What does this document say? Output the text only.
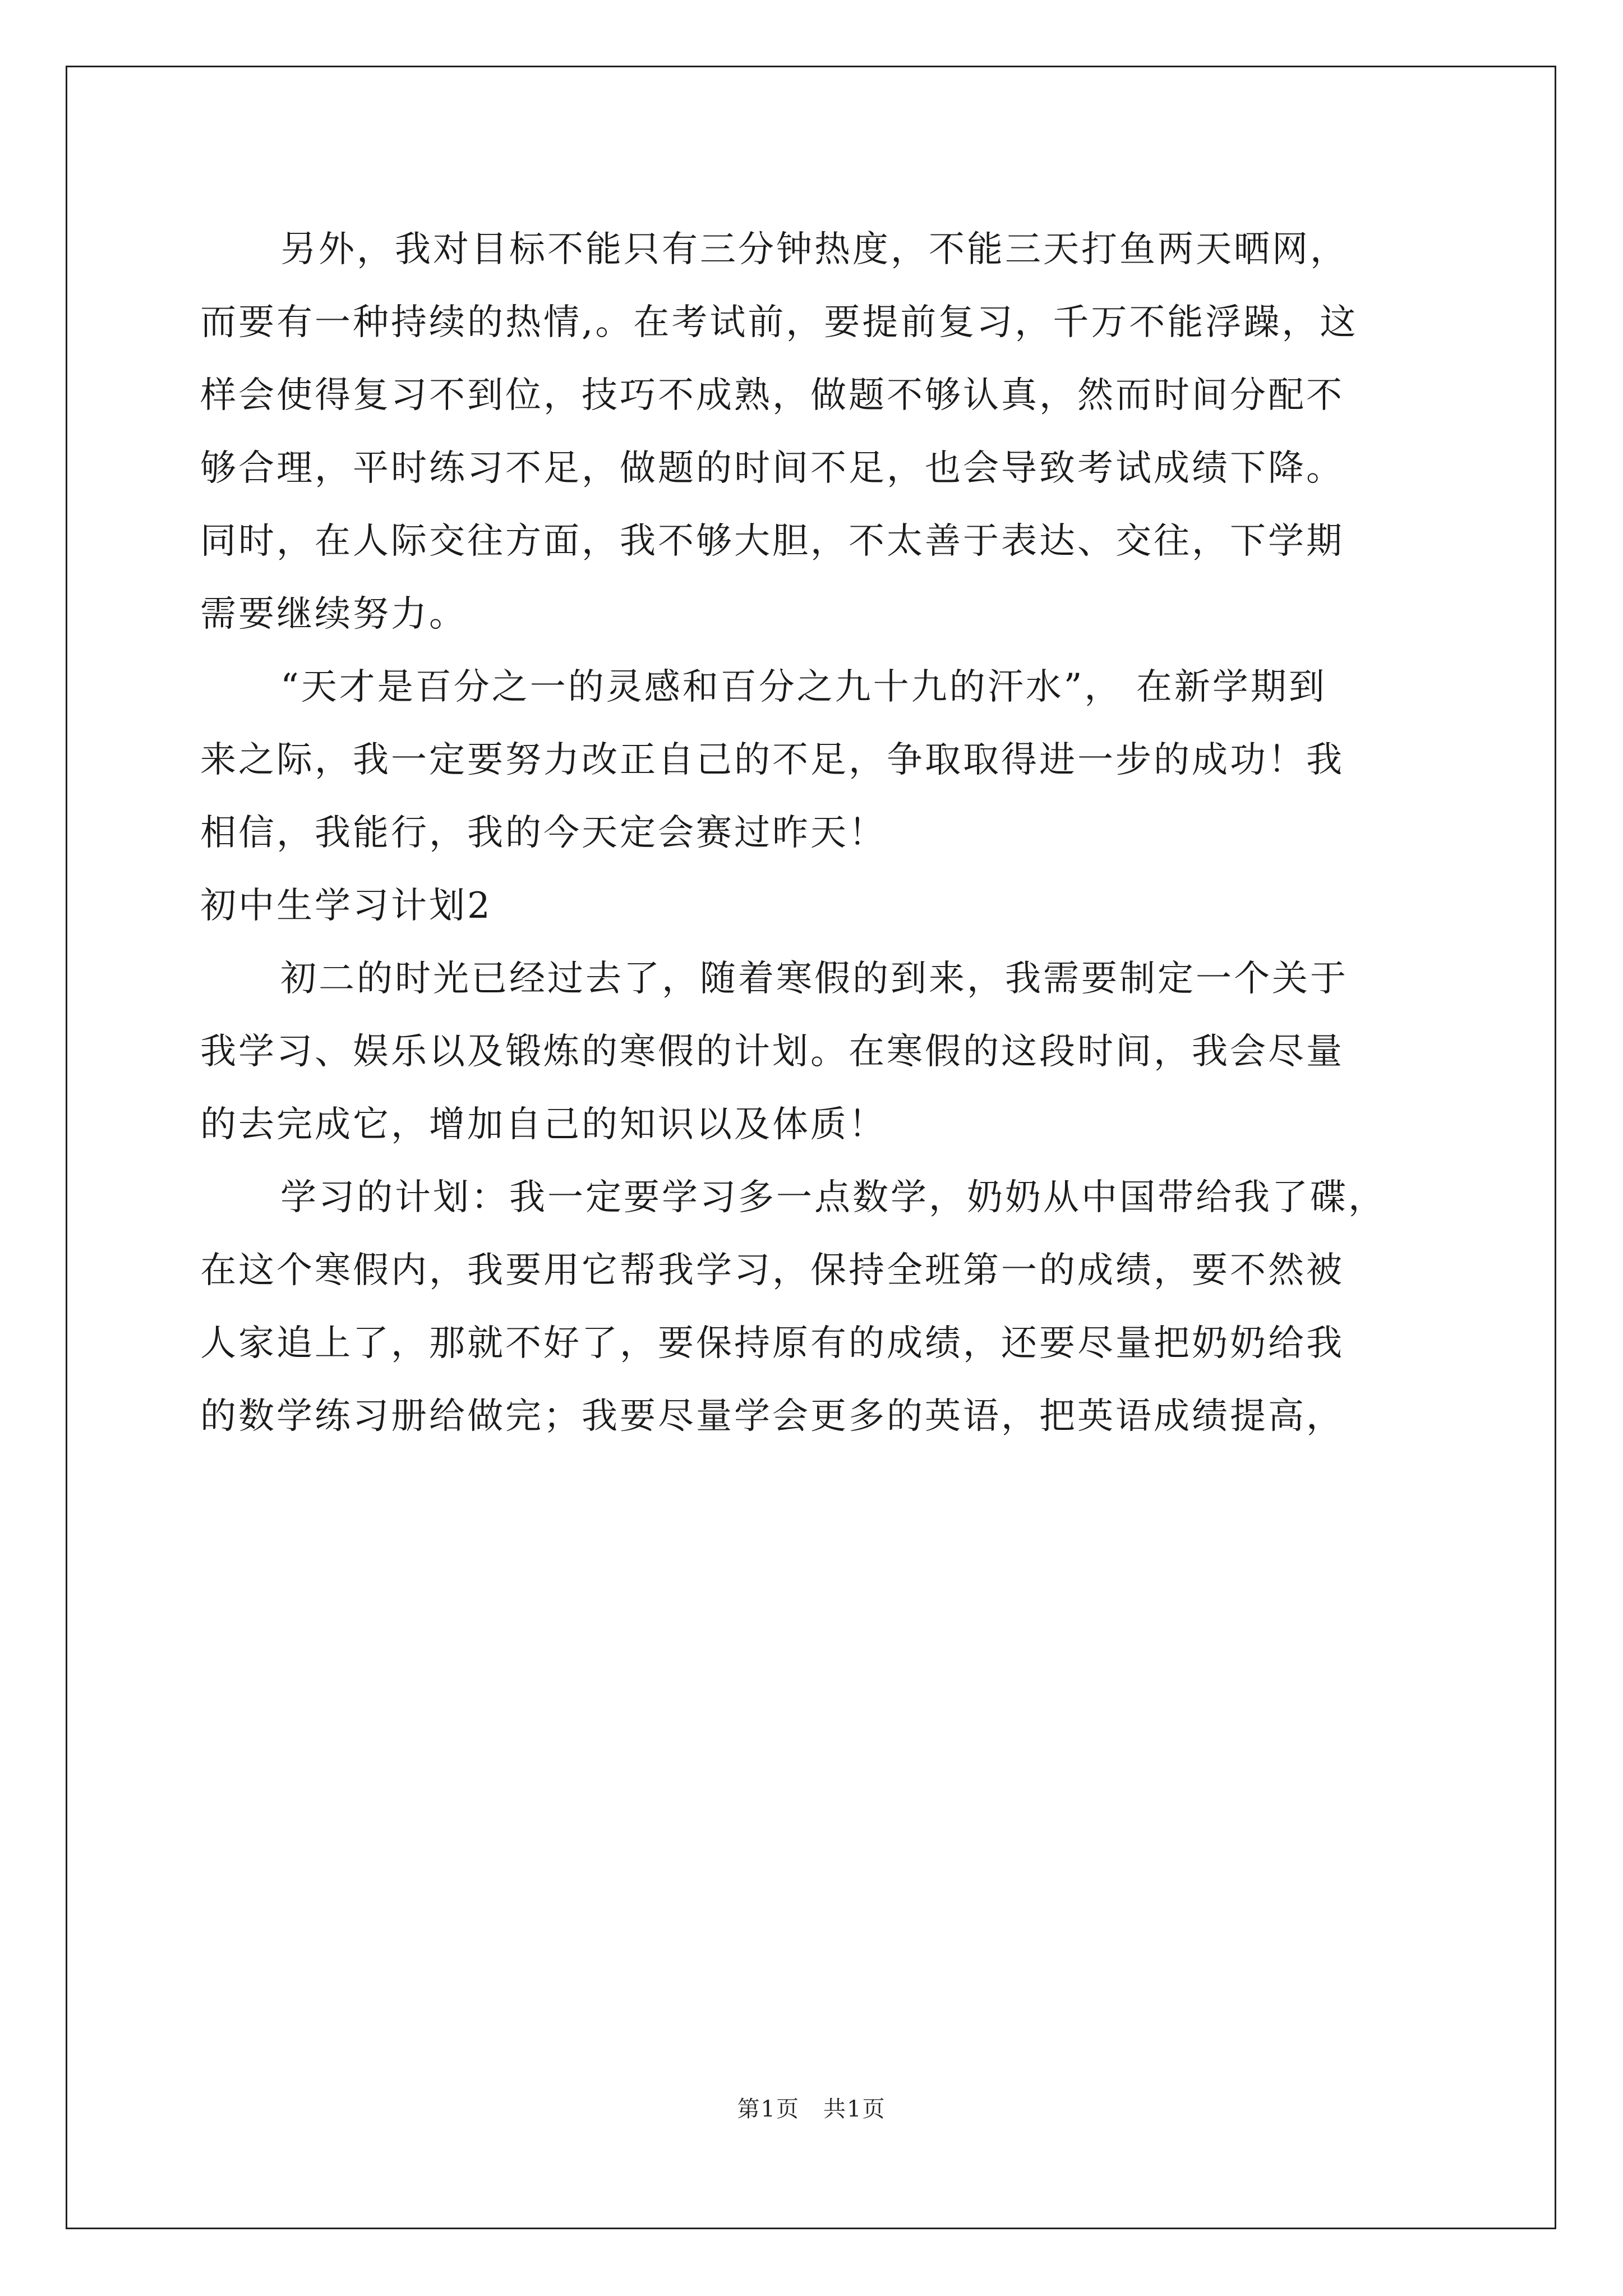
另外，我对目标不能只有三分钟热度，不能三天打鱼两天晒网，
而要有一种持续的热情,。在考试前，要提前复习，千万不能浮躁，这
样会使得复习不到位，技巧不成熟，做题不够认真，然而时间分配不
够合理，平时练习不足，做题的时间不足，也会导致考试成绩下降。
同时，在人际交往方面，我不够大胆，不太善于表达、交往，下学期
需要继续努力。
“天才是百分之一的灵感和百分之九十九的汗水”， 在新学期到
来之际，我一定要努力改正自己的不足，争取取得进一步的成功！我
相信，我能行，我的今天定会赛过昨天！
初中生学习计划2
初二的时光已经过去了，随着寒假的到来，我需要制定一个关于
我学习、娱乐以及锻炼的寒假的计划。在寒假的这段时间，我会尽量
的去完成它，增加自己的知识以及体质！
学习的计划：我一定要学习多一点数学，奶奶从中国带给我了碟，
在这个寒假内，我要用它帮我学习，保持全班第一的成绩，要不然被
人家追上了，那就不好了，要保持原有的成绩，还要尽量把奶奶给我
的数学练习册给做完；我要尽量学会更多的英语，把英语成绩提高，
第1页　共1页
